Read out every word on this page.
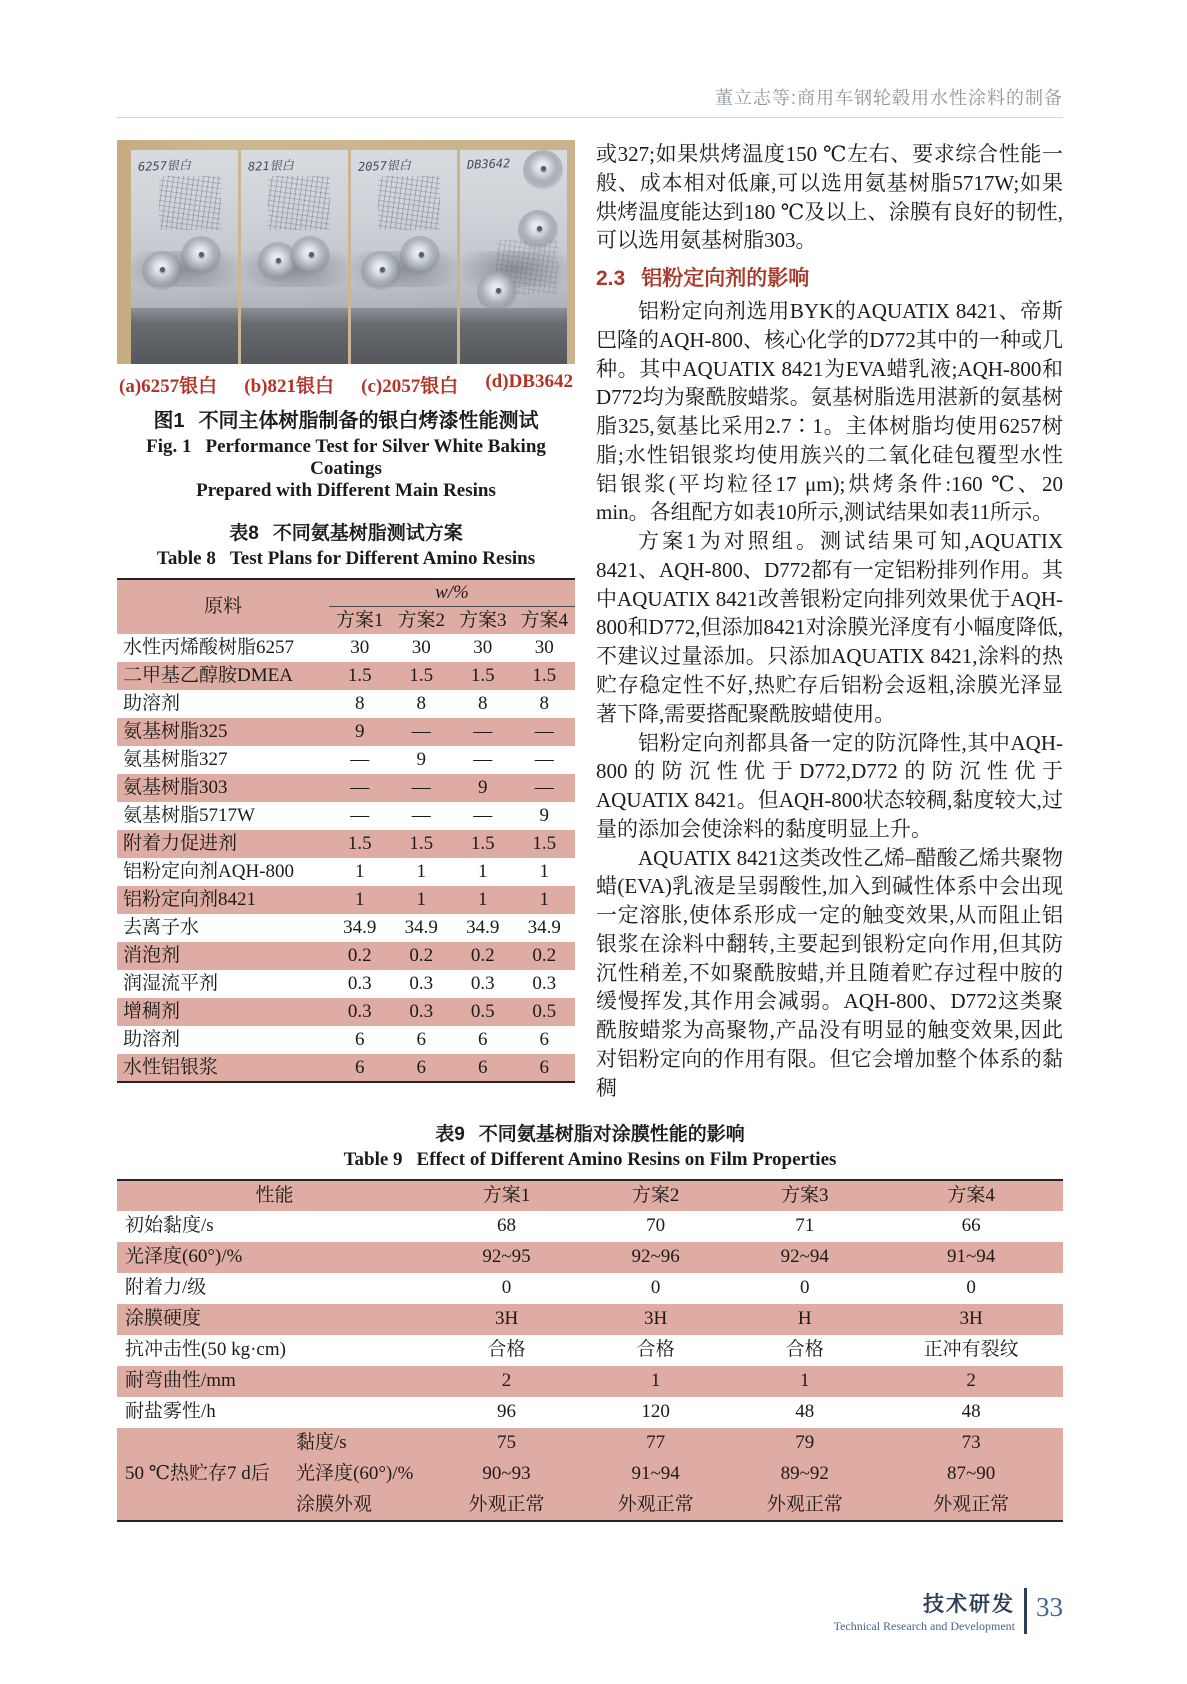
董立志等:商用车钢轮毂用水性涂料的制备
6257银白	821银白	2057银白	DB3642
(a)6257银白 (b)821银白 (c)2057银白 (d)DB3642
图1 不同主体树脂制备的银白烤漆性能测试
Fig. 1 Performance Test for Silver White Baking Coatings
Prepared with Different Main Resins
表8 不同氨基树脂测试方案
Table 8 Test Plans for Different Amino Resins
原料	w/%			
	方案1	方案2	方案3	方案4
水性丙烯酸树脂6257	30	30	30	30
二甲基乙醇胺DMEA	1.5	1.5	1.5	1.5
助溶剂	8	8	8	8
氨基树脂325	9	—	—	—
氨基树脂327	—	9	—	—
氨基树脂303	—	—	9	—
氨基树脂5717W	—	—	—	9
附着力促进剂	1.5	1.5	1.5	1.5
铝粉定向剂AQH-800	1	1	1	1
铝粉定向剂8421	1	1	1	1
去离子水	34.9	34.9	34.9	34.9
消泡剂	0.2	0.2	0.2	0.2
润湿流平剂	0.3	0.3	0.3	0.3
增稠剂	0.3	0.3	0.5	0.5
助溶剂	6	6	6	6
水性铝银浆	6	6	6	6

或327;如果烘烤温度150 ℃左右、要求综合性能一般、成本相对低廉,可以选用氨基树脂5717W;如果烘烤温度能达到180 ℃及以上、涂膜有良好的韧性,可以选用氨基树脂303。

2.3 铝粉定向剂的影响

铝粉定向剂选用BYK的AQUATIX 8421、帝斯巴隆的AQH-800、核心化学的D772其中的一种或几种。其中AQUATIX 8421为EVA蜡乳液;AQH-800和D772均为聚酰胺蜡浆。氨基树脂选用湛新的氨基树脂325,氨基比采用2.7∶1。主体树脂均使用6257树脂;水性铝银浆均使用族兴的二氧化硅包覆型水性铝银浆(平均粒径17 μm);烘烤条件:160 ℃、20 min。各组配方如表10所示,测试结果如表11所示。

方案1为对照组。测试结果可知,AQUATIX 8421、AQH-800、D772都有一定铝粉排列作用。其中AQUATIX 8421改善银粉定向排列效果优于AQH-800和D772,但添加8421对涂膜光泽度有小幅度降低,不建议过量添加。只添加AQUATIX 8421,涂料的热贮存稳定性不好,热贮存后铝粉会返粗,涂膜光泽显著下降,需要搭配聚酰胺蜡使用。

铝粉定向剂都具备一定的防沉降性,其中AQH-800的防沉性优于D772,D772的防沉性优于AQUATIX 8421。但AQH-800状态较稠,黏度较大,过量的添加会使涂料的黏度明显上升。

AQUATIX 8421这类改性乙烯–醋酸乙烯共聚物蜡(EVA)乳液是呈弱酸性,加入到碱性体系中会出现一定溶胀,使体系形成一定的触变效果,从而阻止铝银浆在涂料中翻转,主要起到银粉定向作用,但其防沉性稍差,不如聚酰胺蜡,并且随着贮存过程中胺的缓慢挥发,其作用会减弱。AQH-800、D772这类聚酰胺蜡浆为高聚物,产品没有明显的触变效果,因此对铝粉定向的作用有限。但它会增加整个体系的黏稠

表9 不同氨基树脂对涂膜性能的影响
Table 9 Effect of Different Amino Resins on Film Properties
性能		方案1	方案2	方案3	方案4
初始黏度/s		68	70	71	66
光泽度(60°)/%		92~95	92~96	92~94	91~94
附着力/级		0	0	0	0
涂膜硬度		3H	3H	H	3H
抗冲击性(50 kg·cm)		合格	合格	合格	正冲有裂纹
耐弯曲性/mm		2	1	1	2
耐盐雾性/h		96	120	48	48
50 ℃热贮存7 d后	黏度/s	75	77	79	73
	光泽度(60°)/%	90~93	91~94	89~92	87~90
	涂膜外观	外观正常	外观正常	外观正常	外观正常
技术研发
Technical Research and Development
33
